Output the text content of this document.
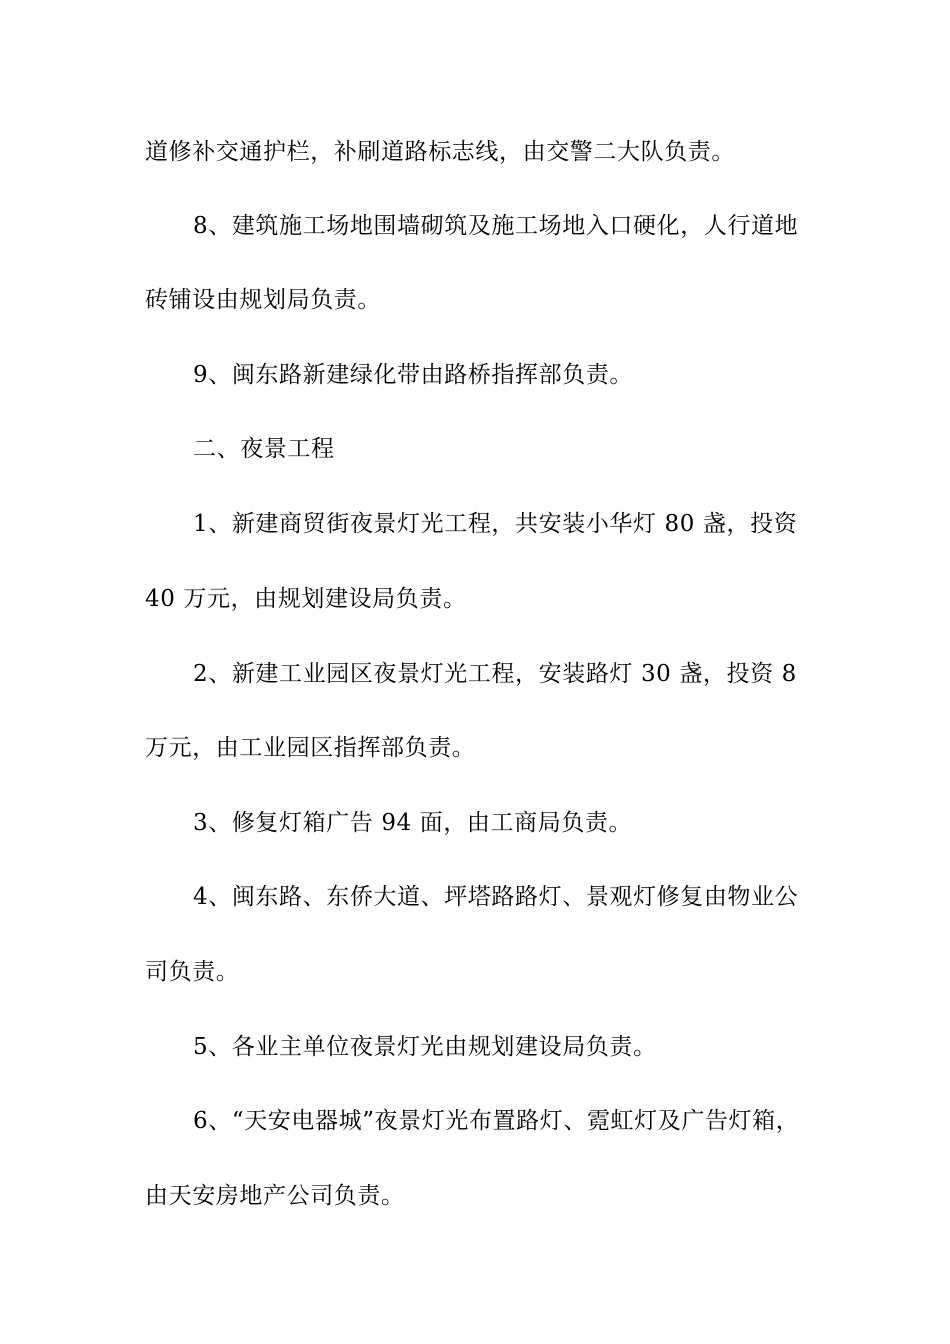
道修补交通护栏，补刷道路标志线，由交警二大队负责。
8、建筑施工场地围墙砌筑及施工场地入口硬化，人行道地
砖铺设由规划局负责。
9、闽东路新建绿化带由路桥指挥部负责。
二、夜景工程
1、新建商贸街夜景灯光工程，共安装小华灯 80 盏，投资
40 万元，由规划建设局负责。
2、新建工业园区夜景灯光工程，安装路灯 30 盏，投资 8
万元，由工业园区指挥部负责。
3、修复灯箱广告 94 面，由工商局负责。
4、闽东路、东侨大道、坪塔路路灯、景观灯修复由物业公
司负责。
5、各业主单位夜景灯光由规划建设局负责。
6、“天安电器城”夜景灯光布置路灯、霓虹灯及广告灯箱，
由天安房地产公司负责。
